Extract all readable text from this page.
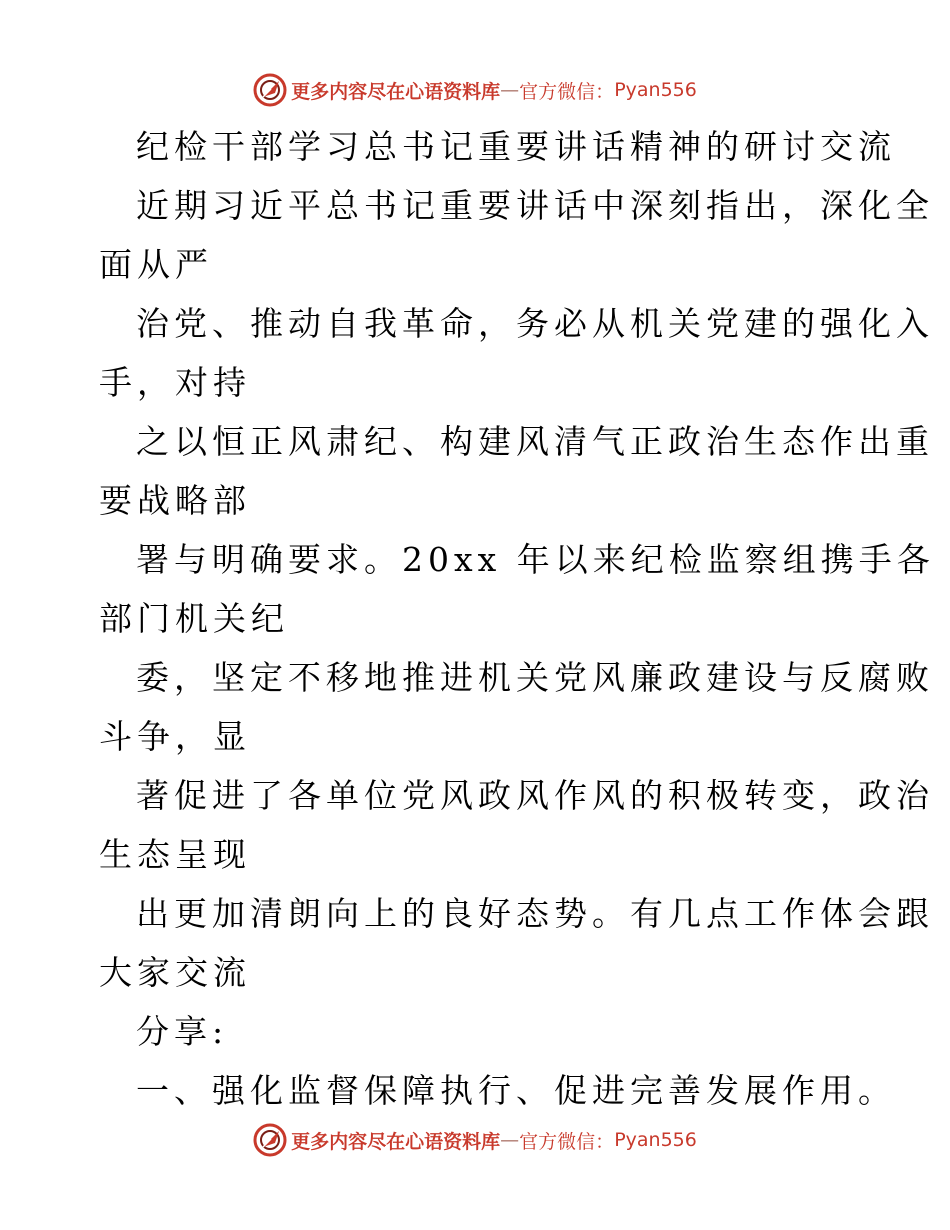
更多内容尽在心语资料库 — 官方微信： Pyan556
纪检干部学习总书记重要讲话精神的研讨交流
近期习近平总书记重要讲话中深刻指出，深化全
面从严
治党、推动自我革命，务必从机关党建的强化入
手，对持
之以恒正风肃纪、构建风清气正政治生态作出重
要战略部
署与明确要求。20xx 年以来纪检监察组携手各
部门机关纪
委，坚定不移地推进机关党风廉政建设与反腐败
斗争，显
著促进了各单位党风政风作风的积极转变，政治
生态呈现
出更加清朗向上的良好态势。有几点工作体会跟
大家交流
分享:
一、强化监督保障执行、促进完善发展作用。
更多内容尽在心语资料库 — 官方微信： Pyan556
